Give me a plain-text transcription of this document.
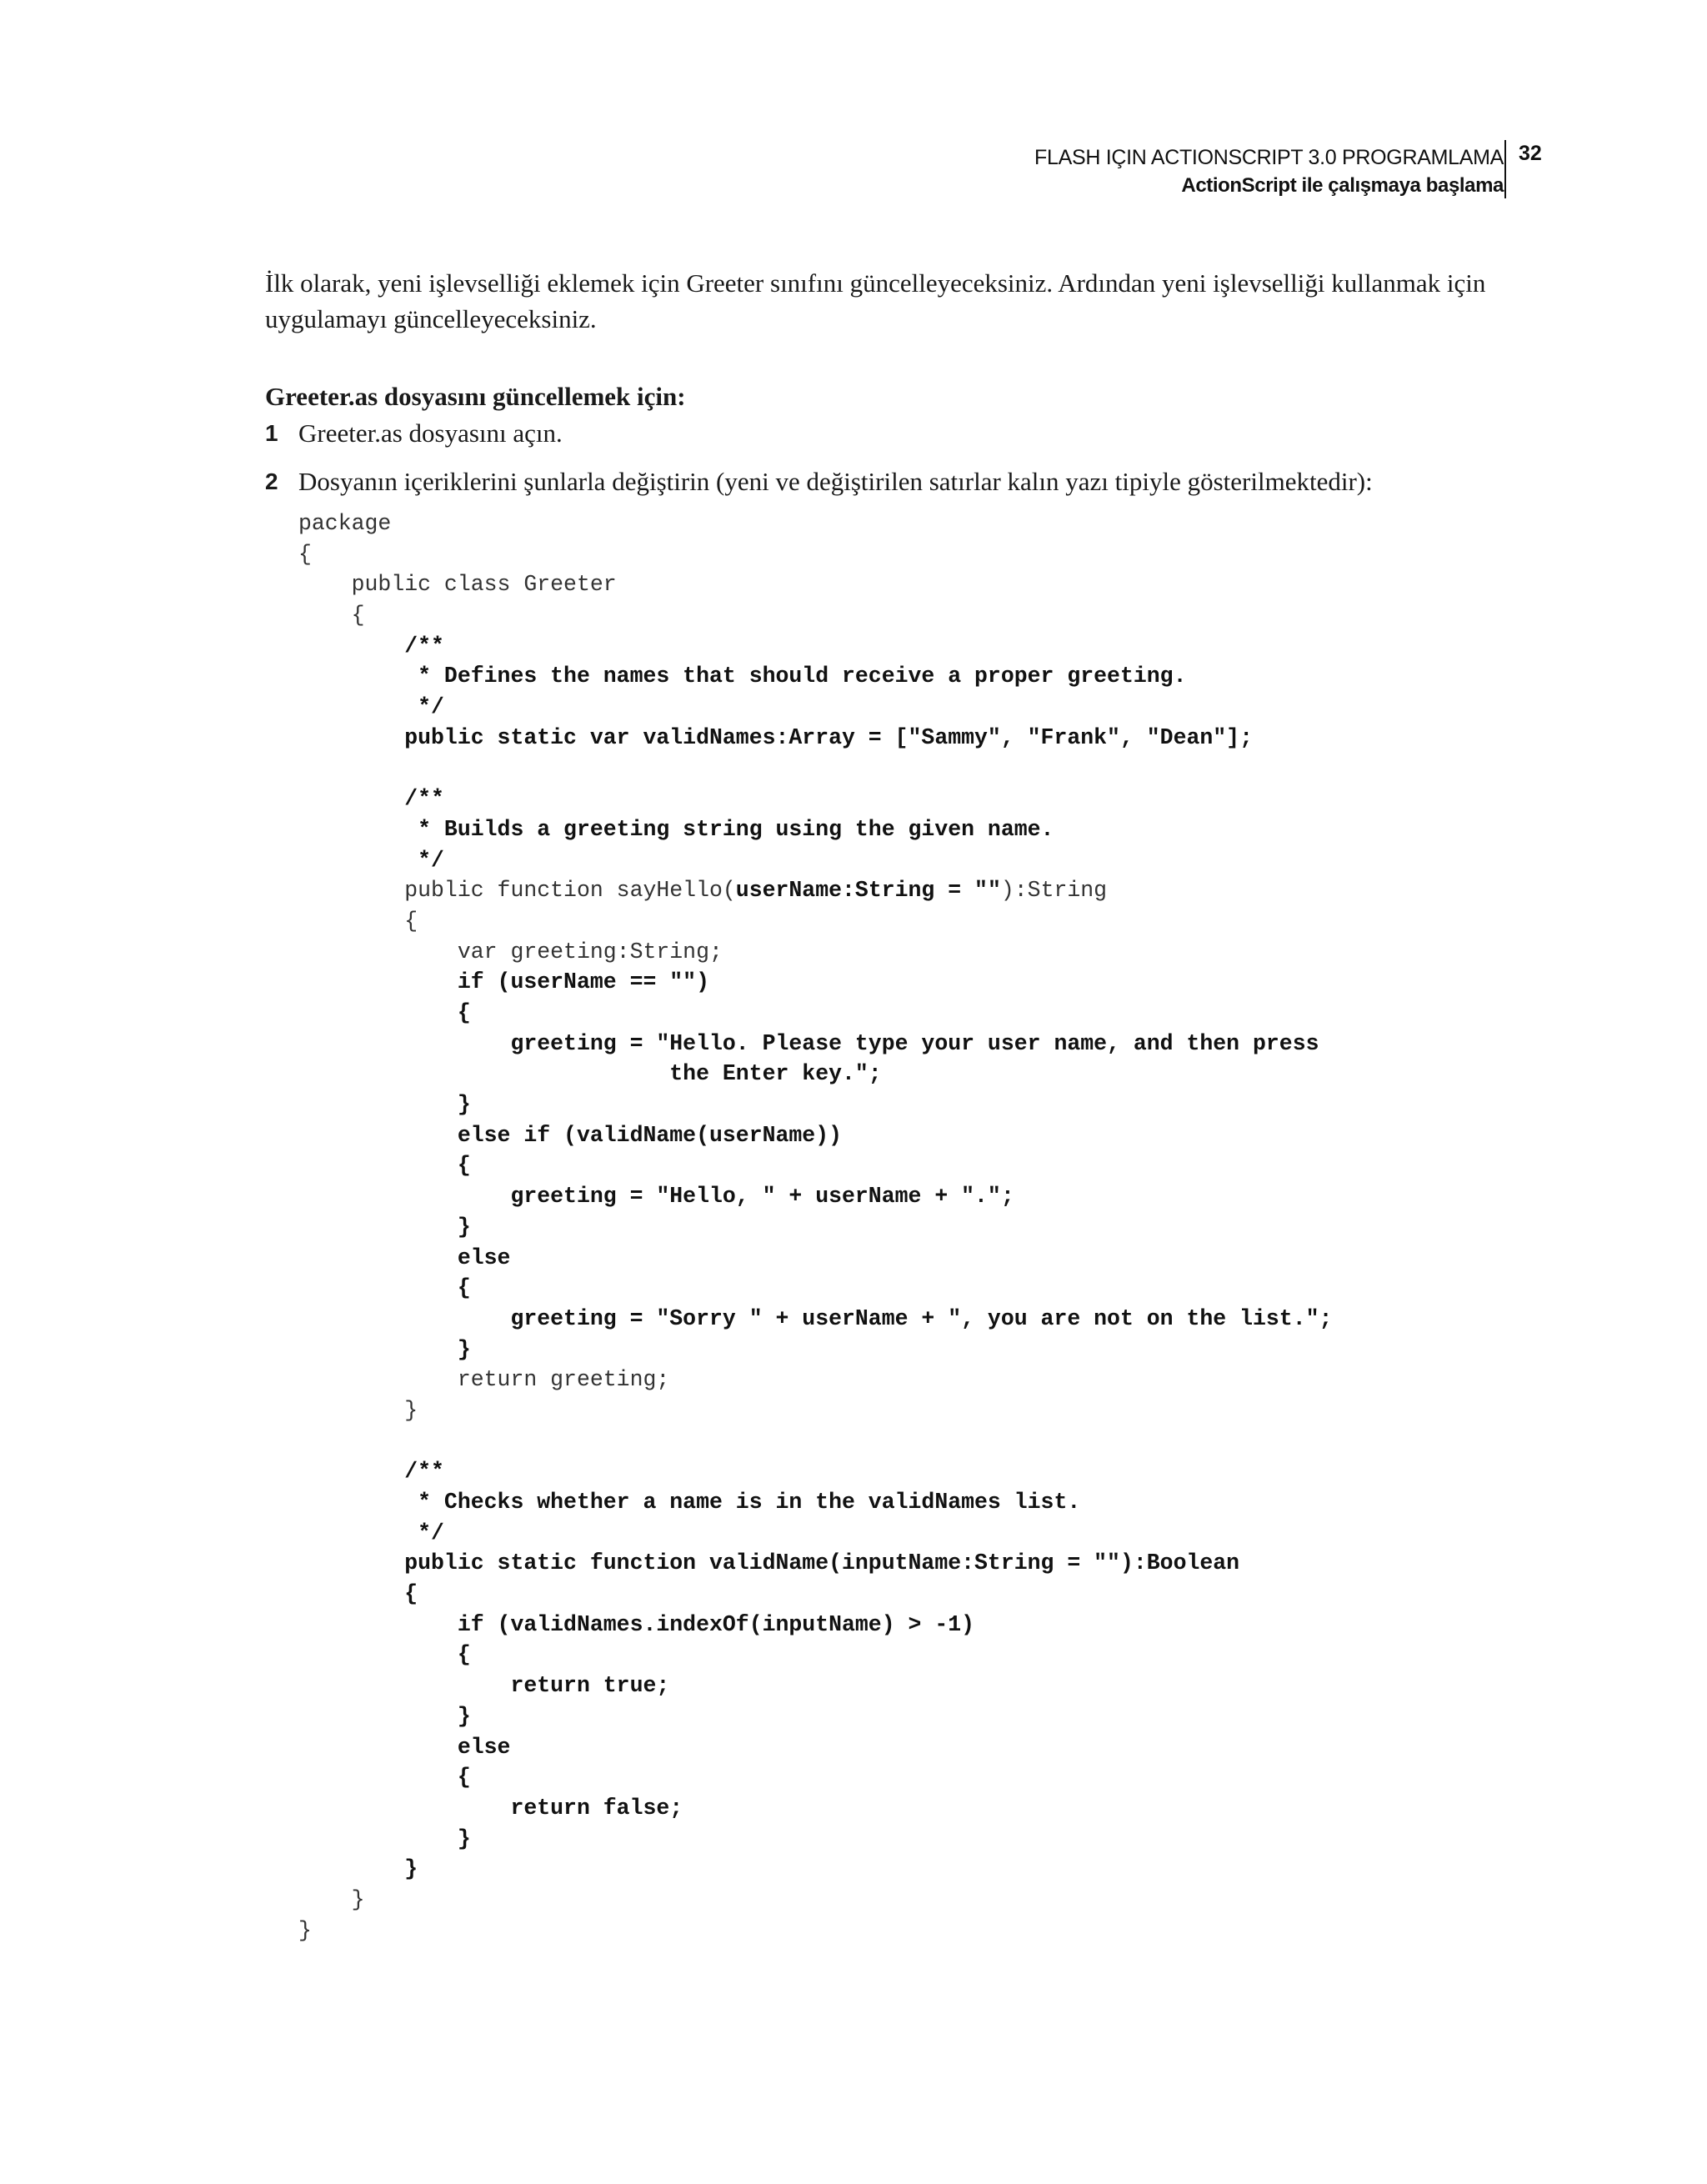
FLASH IÇIN ACTIONSCRIPT 3.0 PROGRAMLAMA
ActionScript ile çalışmaya başlama
32

İlk olarak, yeni işlevselliği eklemek için Greeter sınıfını güncelleyeceksiniz. Ardından yeni işlevselliği kullanmak için uygulamayı güncelleyeceksiniz.

Greeter.as dosyasını güncellemek için:
1 Greeter.as dosyasını açın.
2 Dosyanın içeriklerini şunlarla değiştirin (yeni ve değiştirilen satırlar kalın yazı tipiyle gösterilmektedir):
package
{
public class Greeter
{
/**
* Defines the names that should receive a proper greeting.
*/
public static var validNames:Array = ["Sammy", "Frank", "Dean"];
/**
* Builds a greeting string using the given name.
*/
public function sayHello(userName:String = ""):String
{
var greeting:String;
if (userName == "")
{
greeting = "Hello. Please type your user name, and then press
the Enter key.";
}
else if (validName(userName))
{
greeting = "Hello, " + userName + ".";
}
else
{
greeting = "Sorry " + userName + ", you are not on the list.";
}
return greeting;
}
/**
* Checks whether a name is in the validNames list.
*/
public static function validName(inputName:String = ""):Boolean
{
if (validNames.indexOf(inputName) > -1)
{
return true;
}
else
{
return false;
}
}
}
}
